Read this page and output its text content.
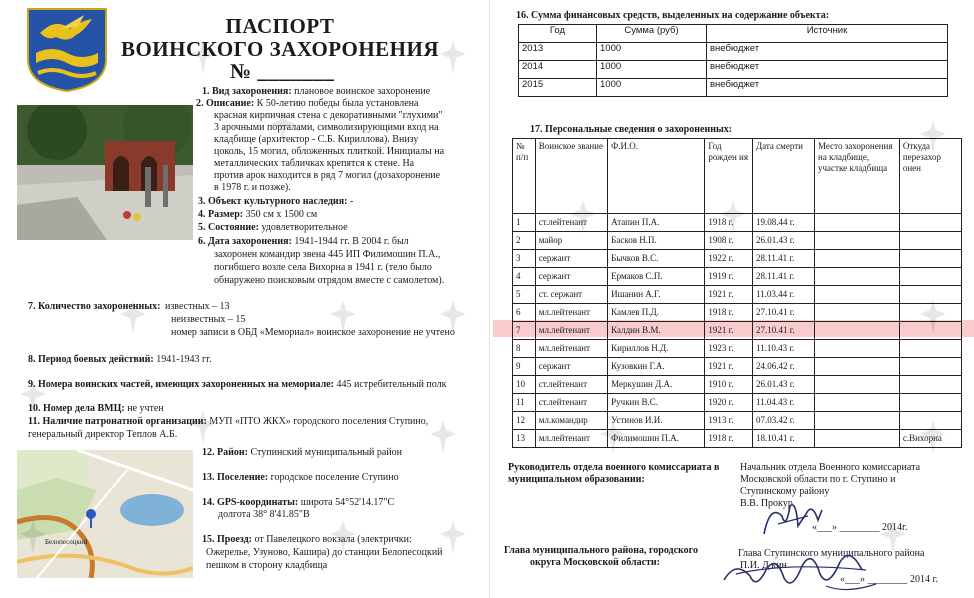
ПАСПОРТ
ВОИНСКОГО ЗАХОРОНЕНИЯ
№ _______
1. Вид захоронения: плановое воинское захоронение
2. Описание: К 50-летию победы была установлена
красная кирпичная стена с декоративными "глухими"
3 арочными порталами, символизирующими вход на
кладбище (архитектор - С.Б. Кириллова). Внизу
цоколь, 15 могил, обложенных плиткой. Инициалы на
металлических табличках крепятся к стене. На
против арок находится в ряд 7 могил (дозахоронение
в 1978 г. и позже).
3. Объект культурного наследия: -
4. Размер: 350 см х 1500 см
5. Состояние: удовлетворительное
6. Дата захоронения: 1941-1944 гг. В 2004 г. был
захоронен командир звена 445 ИП Филимошин П.А.,
погибшего возле села Вихорна в 1941 г. (тело было
обнаружено поисковым отрядом вместе с самолетом).
7. Количество захороненных: известных – 13
неизвестных – 15
номер записи в ОБД «Мемориал» воинское захоронение не учтено
8. Период боевых действий: 1941-1943 гг.
9. Номера воинских частей, имеющих захороненных на мемориале: 445 истребительный полк
10. Номер дела ВМЦ: не учтен
11. Наличие патронатной организации: МУП «ПТО ЖКХ» городского поселения Ступино,
генеральный директор Теплов А.Б.
Белопесоцкий
12. Район: Ступинский муниципальный район
13. Поселение: городское поселение Ступино
14. GPS-координаты: широта 54°52'14.17"С
долгота 38° 8'41.85"В
15. Проезд: от Павелецкого вокзала (электрички:
Ожерелье, Узуново, Кашира) до станции Белопесоцкий
пешком в сторону кладбища
16. Сумма финансовых средств, выделенных на содержание объекта:
Год	Сумма (руб)	Источник
2013	1000	внебюджет
2014	1000	внебюджет
2015	1000	внебюджет
17. Персональные сведения о захороненных:
№ п/п	Воинское звание	Ф.И.О.	Год рожден ия	Дата смерти	Место захоронения на кладбище, участке кладбища	Откуда перезахор онен
1	ст.лейтенант	Атапин П.А.	1918 г.	19.08.44 г.		
2	майор	Басков Н.П.	1908 г.	26.01.43 г.		
3	сержант	Бычков В.С.	1922 г.	28.11.41 г.		
4	сержант	Ермаков С.П.	1919 г.	28.11.41 г.		
5	ст. сержант	Ишанин А.Г.	1921 г.	11.03.44 г.		
6	мл.лейтенант	Камлев П.Д.	1918 г.	27.10.41 г.		
7	мл.лейтенант	Калдин В.М.	1921 г.	27.10.41 г.		
8	мл.лейтенант	Кириллов Н.Д.	1923 г.	11.10.43 г.		
9	сержант	Кузовкин Г.А.	1921 г.	24.06.42 г.		
10	ст.лейтенант	Меркушин Д.А.	1910 г.	26.01.43 г.		
11	ст.лейтенант	Ручкин В.С.	1920 г.	11.04.43 г.		
12	мл.командир	Устинов И.И.	1913 г.	07.03.42 г.		
13	мл.лейтенант	Филимошин П.А.	1918 г.	18.10.41 г.		с.Вихорна
Руководитель отдела военного комиссариата в
муниципальном образовании:
Начальник отдела Военного комиссариата
Московской области по г. Ступино и
Ступинскому району
В.В. Прокур
«___» ________ 2014г.
Глава муниципального района, городского
округа Московской области:
Глава Ступинского муниципального района
П.И. Д кин
«___» ________ 2014 г.
